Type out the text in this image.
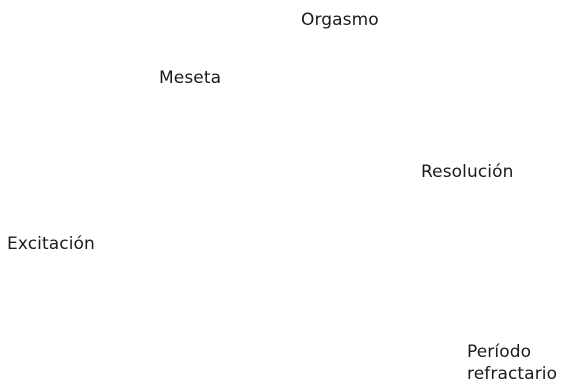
Orgasmo
Meseta
Resolución
Excitación
Período
refractario
